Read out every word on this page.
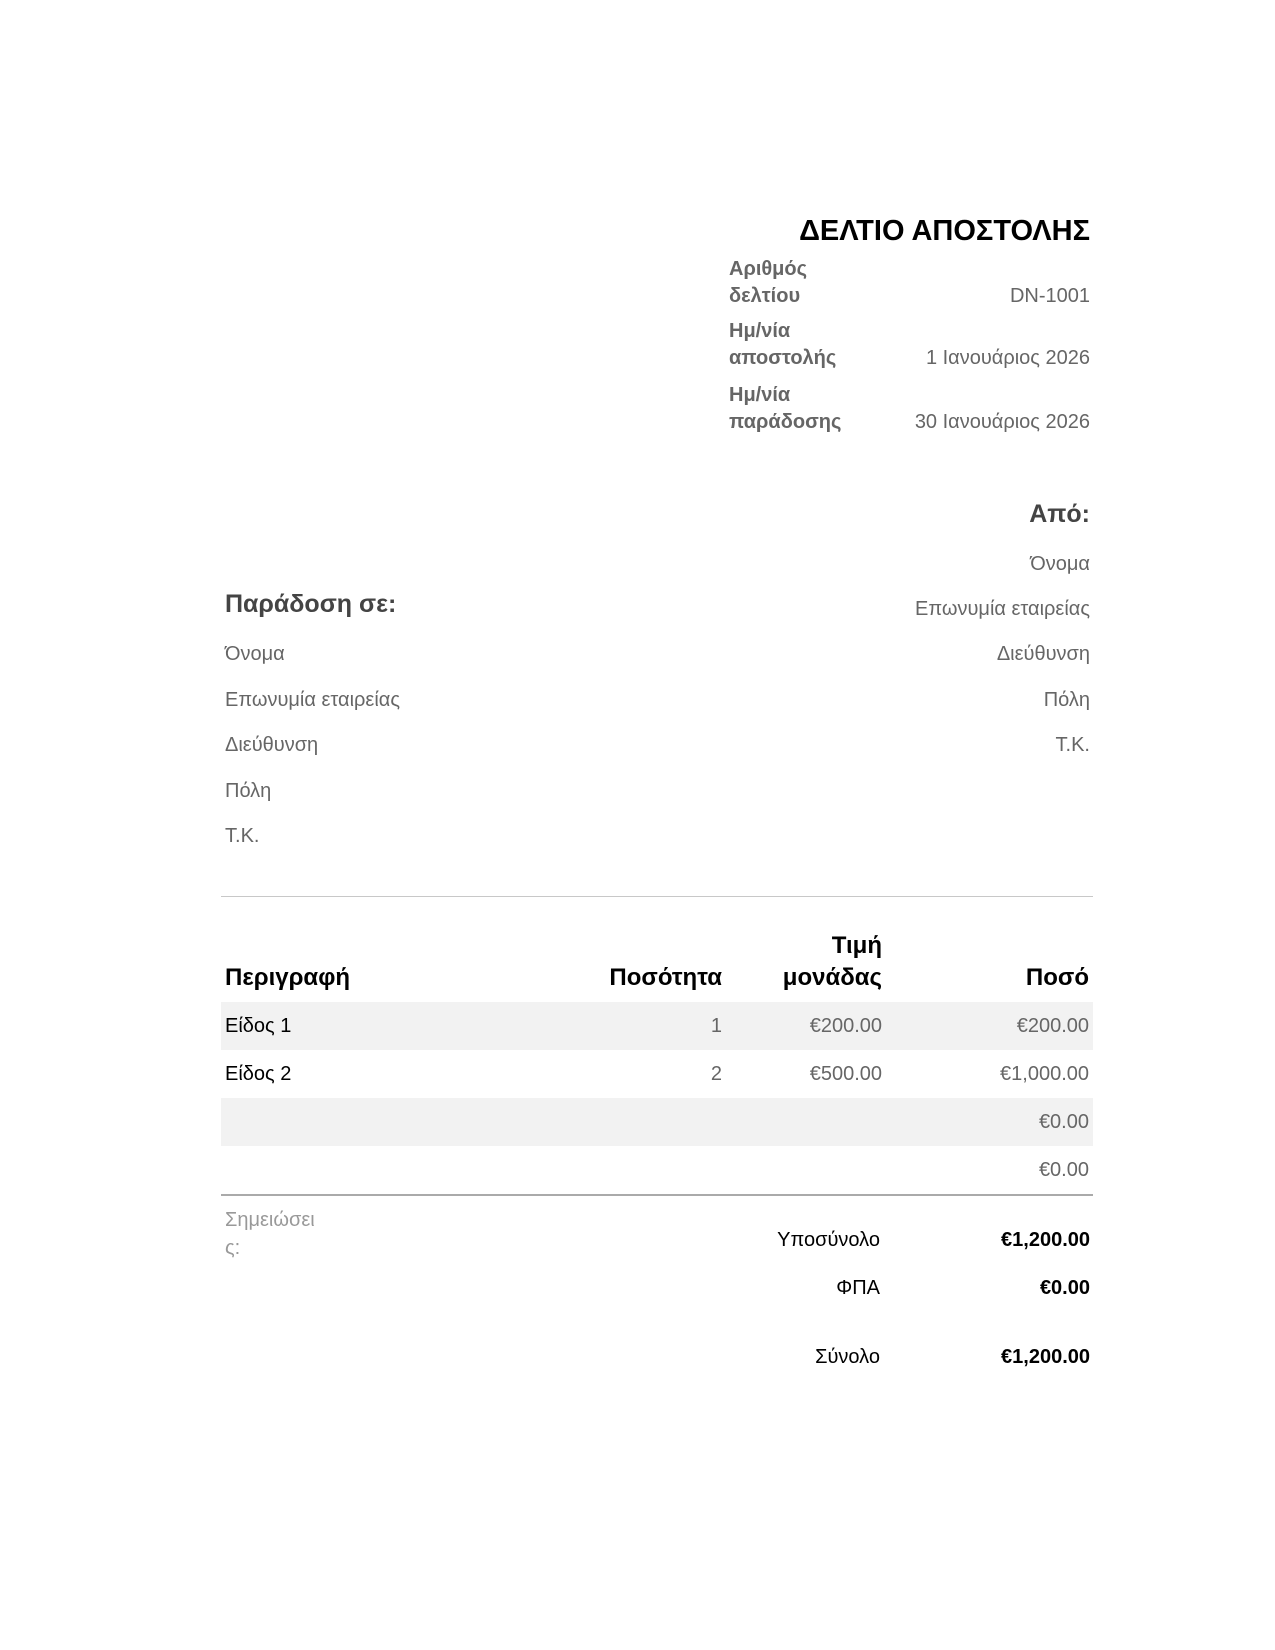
ΔΕΛΤΙΟ ΑΠΟΣΤΟΛΗΣ
Αριθμός δελτίου	DN-1001
Ημ/νία αποστολής	1 Ιανουάριος 2026
Ημ/νία παράδοσης	30 Ιανουάριος 2026
Από:
Όνομα
Επωνυμία εταιρείας
Διεύθυνση
Πόλη
Τ.Κ.
Παράδοση σε:
Όνομα
Επωνυμία εταιρείας
Διεύθυνση
Πόλη
Τ.Κ.
Περιγραφή	Ποσότητα	Τιμή μονάδας	Ποσό
Είδος 1	1	€200.00	€200.00
Είδος 2	2	€500.00	€1,000.00
			€0.00
			€0.00
Σημειώσεις:	Υποσύνολο	€1,200.00
ΦΠΑ	€0.00
Σύνολο	€1,200.00
